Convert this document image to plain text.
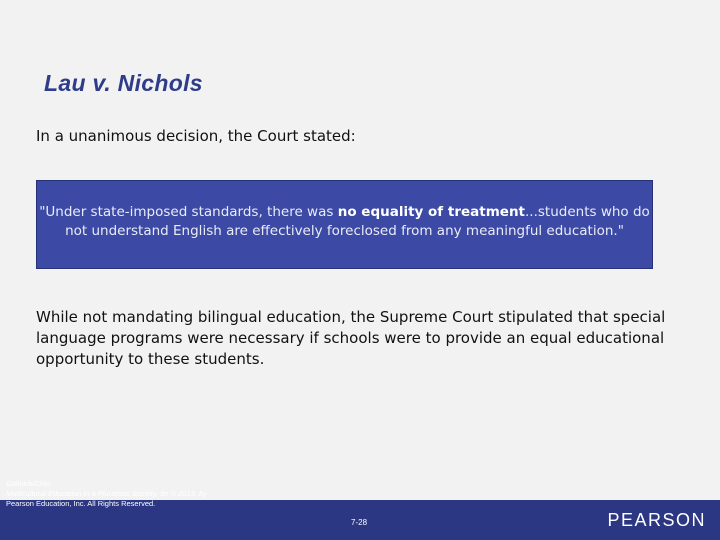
Lau v. Nichols
In a unanimous decision, the Court stated:
"Under state-imposed standards, there was no equality of treatment...students who do not understand English are effectively foreclosed from any meaningful education."
While not mandating bilingual education, the Supreme Court stipulated that special language programs were necessary if schools were to provide an equal educational opportunity to these students.
Gollnick/Chin
Multicultural Education in a Pluralistic Society, 9e © 2013, by
Pearson Education, Inc. All Rights Reserved.
7-28	PEARSON
